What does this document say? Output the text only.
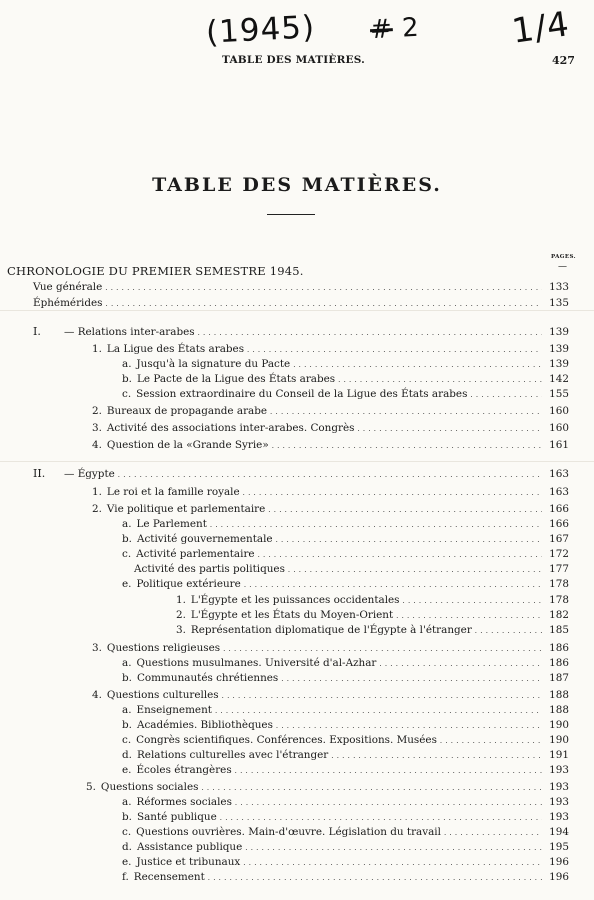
(1945) # 2	1/4
TABLE DES MATIÈRES.	427
TABLE DES MATIÈRES.
PAGES.
—
CHRONOLOGIE DU PREMIER SEMESTRE 1945.
Vue générale . . .	133
Éphémérides . . .	135
I. — Relations inter-arabes . . .	139
1. La Ligue des États arabes . . .	139
a. Jusqu'à la signature du Pacte . . .	139
b. Le Pacte de la Ligue des États arabes . . .	142
c. Session extraordinaire du Conseil de la Ligue des États arabes . . .	155
2. Bureaux de propagande arabe . . .	160
3. Activité des associations inter-arabes. Congrès . . .	160
4. Question de la «Grande Syrie» . . .	161
II. — Égypte . . .	163
1. Le roi et la famille royale . . .	163
2. Vie politique et parlementaire . . .	166
a. Le Parlement . . .	166
b. Activité gouvernementale . . .	167
c. Activité parlementaire . . .	172
Activité des partis politiques . . .	177
e. Politique extérieure . . .	178
1. L'Égypte et les puissances occidentales . . .	178
2. L'Égypte et les États du Moyen-Orient . . .	182
3. Représentation diplomatique de l'Égypte à l'étranger . . .	185
3. Questions religieuses . . .	186
a. Questions musulmanes. Université d'al-Azhar . . .	186
b. Communautés chrétiennes . . .	187
4. Questions culturelles . . .	188
a. Enseignement . . .	188
b. Académies. Bibliothèques . . .	190
c. Congrès scientifiques. Conférences. Expositions. Musées . . .	190
d. Relations culturelles avec l'étranger . . .	191
e. Écoles étrangères . . .	193
5. Questions sociales . . .	193
a. Réformes sociales . . .	193
b. Santé publique . . .	193
c. Questions ouvrières. Main-d'œuvre. Législation du travail . . .	194
d. Assistance publique . . .	195
e. Justice et tribunaux . . .	196
f. Recensement . . .	196
